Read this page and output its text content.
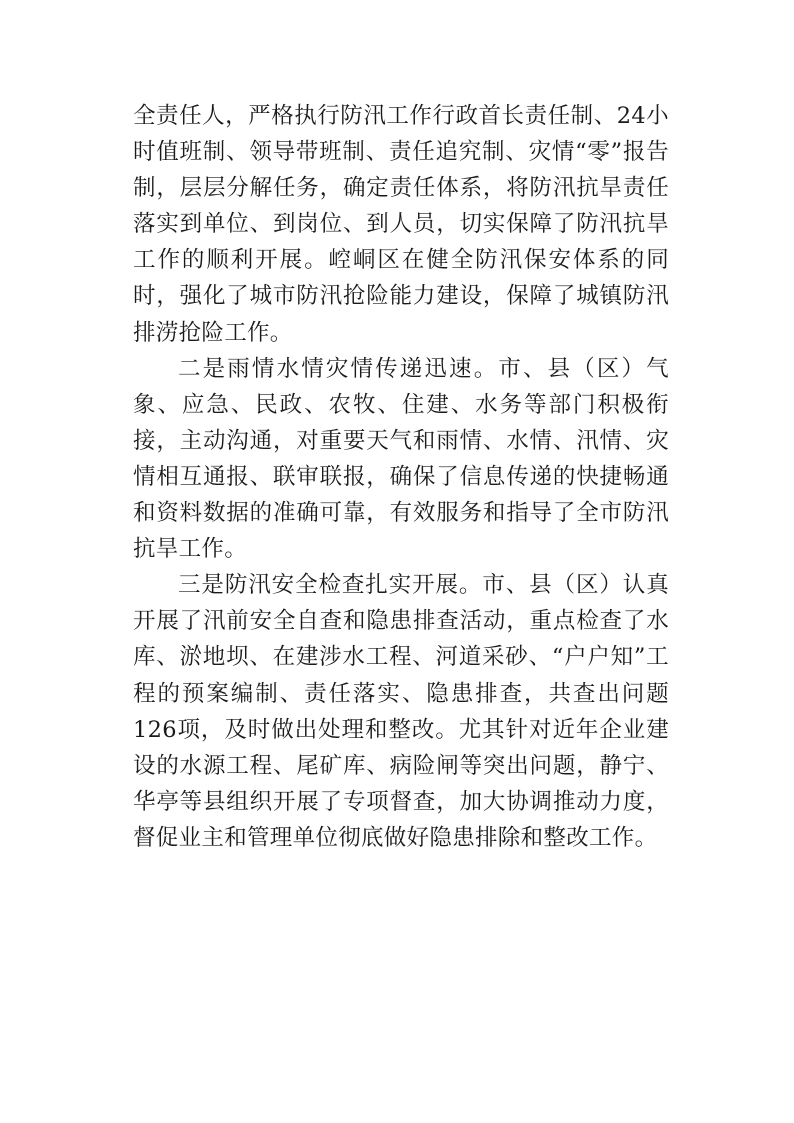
全责任人，严格执行防汛工作行政首长责任制、24小时值班制、领导带班制、责任追究制、灾情“零”报告制，层层分解任务，确定责任体系，将防汛抗旱责任落实到单位、到岗位、到人员，切实保障了防汛抗旱工作的顺利开展。崆峒区在健全防汛保安体系的同时，强化了城市防汛抢险能力建设，保障了城镇防汛排涝抢险工作。

二是雨情水情灾情传递迅速。市、县（区）气象、应急、民政、农牧、住建、水务等部门积极衔接，主动沟通，对重要天气和雨情、水情、汛情、灾情相互通报、联审联报，确保了信息传递的快捷畅通和资料数据的准确可靠，有效服务和指导了全市防汛抗旱工作。

三是防汛安全检查扎实开展。市、县（区）认真开展了汛前安全自查和隐患排查活动，重点检查了水库、淤地坝、在建涉水工程、河道采砂、“户户知”工程的预案编制、责任落实、隐患排查，共查出问题126项，及时做出处理和整改。尤其针对近年企业建设的水源工程、尾矿库、病险闸等突出问题，静宁、华亭等县组织开展了专项督查，加大协调推动力度，督促业主和管理单位彻底做好隐患排除和整改工作。
